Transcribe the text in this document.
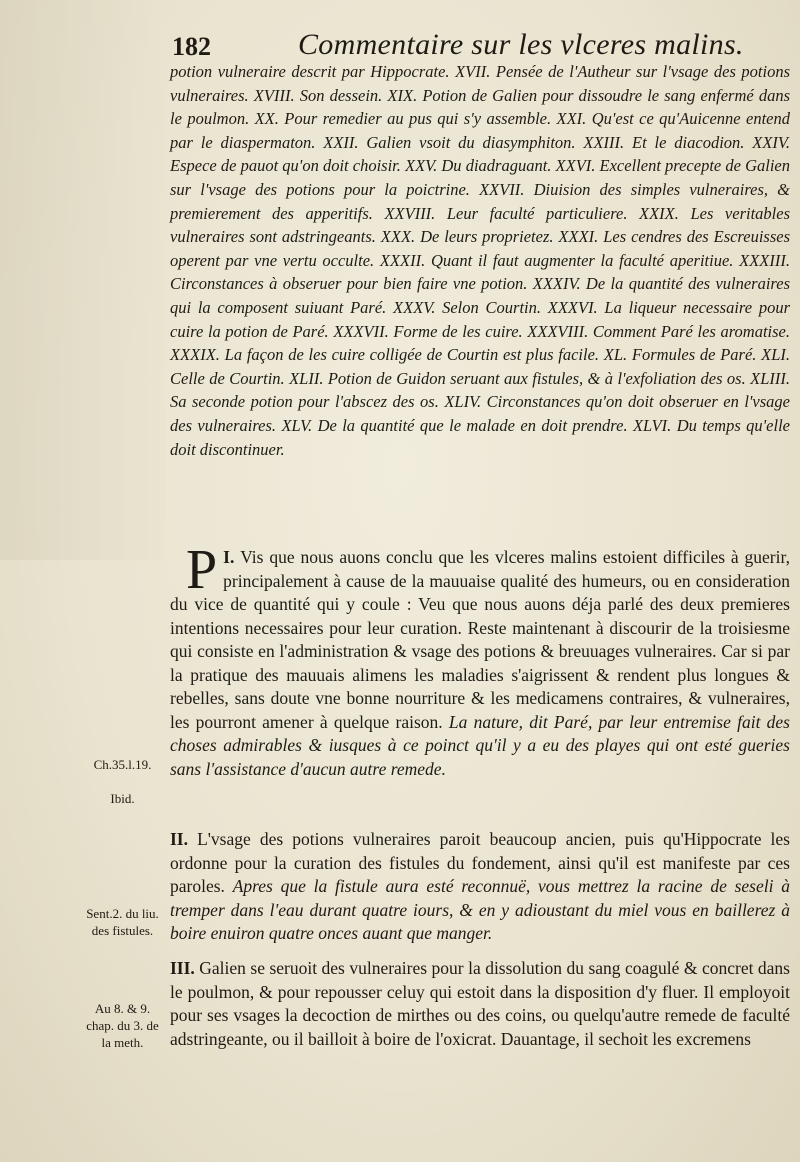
182	Commentaire sur les vlceres malins.
potion vulneraire descrit par Hippocrate. XVII. Pensée de l'Autheur sur l'vsage des potions vulneraires. XVIII. Son dessein. XIX. Potion de Galien pour dissoudre le sang enfermé dans le poulmon. XX. Pour remedier au pus qui s'y assemble. XXI. Qu'est ce qu'Auicenne entend par le diaspermaton. XXII. Galien vsoit du diasymphiton. XXIII. Et le diacodion. XXIV. Espece de pauot qu'on doit choisir. XXV. Du diadraguant. XXVI. Excellent precepte de Galien sur l'vsage des potions pour la poictrine. XXVII. Diuision des simples vulneraires, & premierement des apperitifs. XXVIII. Leur faculté particuliere. XXIX. Les veritables vulneraires sont adstringeants. XXX. De leurs proprietez. XXXI. Les cendres des Escreuisses operent par vne vertu occulte. XXXII. Quant il faut augmenter la faculté aperitiue. XXXIII. Circonstances à obseruer pour bien faire vne potion. XXXIV. De la quantité des vulneraires qui la composent suiuant Paré. XXXV. Selon Courtin. XXXVI. La liqueur necessaire pour cuire la potion de Paré. XXXVII. Forme de les cuire. XXXVIII. Comment Paré les aromatise. XXXIX. La façon de les cuire colligée de Courtin est plus facile. XL. Formules de Paré. XLI. Celle de Courtin. XLII. Potion de Guidon seruant aux fistules, & à l'exfoliation des os. XLIII. Sa seconde potion pour l'abscez des os. XLIV. Circonstances qu'on doit obseruer en l'vsage des vulneraires. XLV. De la quantité que le malade en doit prendre. XLVI. Du temps qu'elle doit discontinuer.
I.
P Vis que nous auons conclu que les vlceres malins estoient difficiles à guerir, principalement à cause de la mauuaise qualité des humeurs, ou en consideration du vice de quantité qui y coule : Veu que nous auons déja parlé des deux premieres intentions necessaires pour leur curation. Reste maintenant à discourir de la troisiesme qui consiste en l'administration & vsage des potions & breuuages vulneraires. Car si par la pratique des mauuais alimens les maladies s'aigrissent & rendent plus longues & rebelles, sans doute vne bonne nourriture & les medicamens contraires, & vulneraires, les pourront amener à quelque raison. La nature, dit Paré, par leur entremise fait des choses admirables & iusques à ce poinct qu'il y a eu des playes qui ont esté gueries sans l'assistance d'aucun autre remede.
II. L'vsage des potions vulneraires paroit beaucoup ancien, puis qu'Hippocrate les ordonne pour la curation des fistules du fondement, ainsi qu'il est manifeste par ces paroles. Apres que la fistule aura esté reconnuë, vous mettrez la racine de seseli à tremper dans l'eau durant quatre iours, & en y adioustant du miel vous en baillerez à boire enuiron quatre onces auant que manger.
III. Galien se seruoit des vulneraires pour la dissolution du sang coagulé & concret dans le poulmon, & pour repousser celuy qui estoit dans la disposition d'y fluer. Il employoit pour ses vsages la decoction de mirthes ou des coins, ou quelqu'autre remede de faculté adstringeante, ou il bailloit à boire de l'oxicrat. Dauantage, il sechoit les excremens
Ch.35.l.19.
Ibid.
Sent.2. du liu. des fistules.
Au 8. & 9. chap. du 3. de la meth.
